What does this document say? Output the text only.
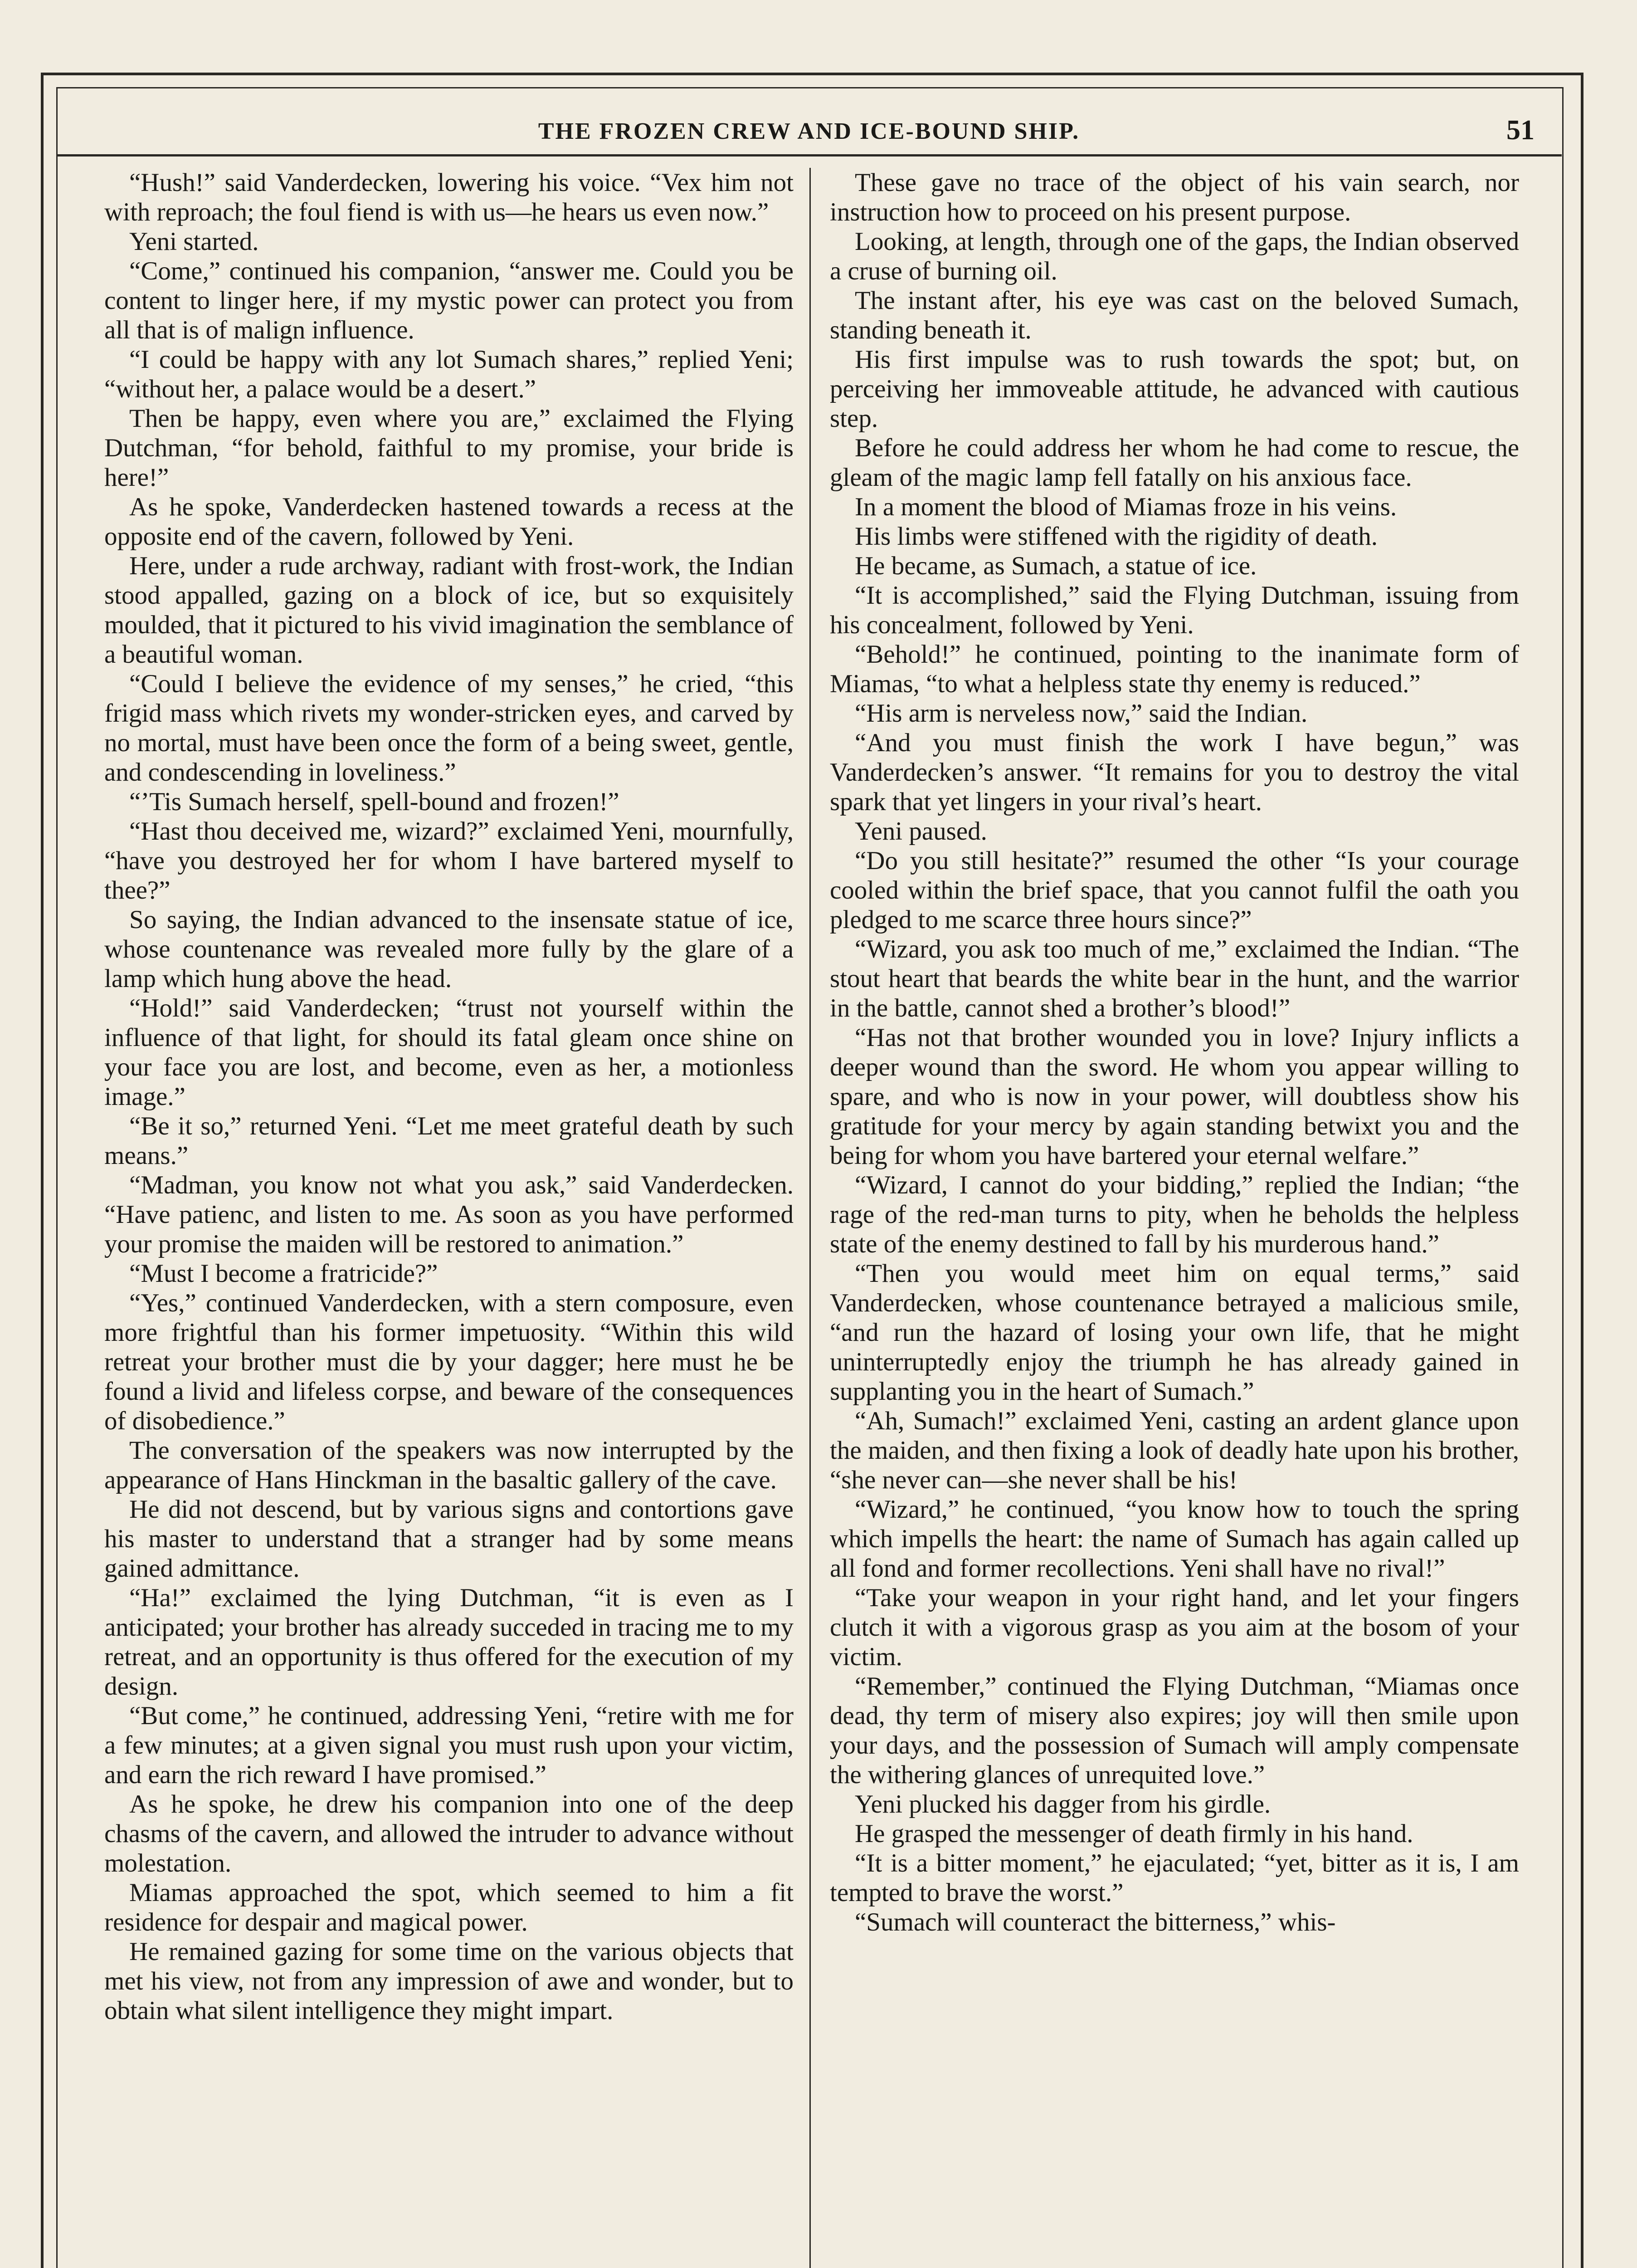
THE FROZEN CREW AND ICE-BOUND SHIP.	51

“Hush!” said Vanderdecken, lowering his voice. “Vex him not with reproach; the foul fiend is with us—he hears us even now.”

Yeni started.

“Come,” continued his companion, “answer me. Could you be content to linger here, if my mystic power can protect you from all that is of malign influence.

“I could be happy with any lot Sumach shares,” replied Yeni; “without her, a palace would be a desert.”

Then be happy, even where you are,” exclaimed the Flying Dutchman, “for behold, faithful to my promise, your bride is here!”

As he spoke, Vanderdecken hastened towards a recess at the opposite end of the cavern, followed by Yeni.

Here, under a rude archway, radiant with frost-work, the Indian stood appalled, gazing on a block of ice, but so exquisitely moulded, that it pictured to his vivid imagination the semblance of a beautiful woman.

“Could I believe the evidence of my senses,” he cried, “this frigid mass which rivets my wonder-stricken eyes, and carved by no mortal, must have been once the form of a being sweet, gentle, and condescending in loveliness.”

“’Tis Sumach herself, spell-bound and frozen!”

“Hast thou deceived me, wizard?” exclaimed Yeni, mournfully, “have you destroyed her for whom I have bartered myself to thee?”

So saying, the Indian advanced to the insensate statue of ice, whose countenance was revealed more fully by the glare of a lamp which hung above the head.

“Hold!” said Vanderdecken; “trust not yourself within the influence of that light, for should its fatal gleam once shine on your face you are lost, and become, even as her, a motionless image.”

“Be it so,” returned Yeni. “Let me meet grateful death by such means.”

“Madman, you know not what you ask,” said Vanderdecken. “Have patienc, and listen to me. As soon as you have performed your promise the maiden will be restored to animation.”

“Must I become a fratricide?”

“Yes,” continued Vanderdecken, with a stern composure, even more frightful than his former impetuosity. “Within this wild retreat your brother must die by your dagger; here must he be found a livid and lifeless corpse, and beware of the consequences of disobedience.”

The conversation of the speakers was now interrupted by the appearance of Hans Hinckman in the basaltic gallery of the cave.

He did not descend, but by various signs and contortions gave his master to understand that a stranger had by some means gained admittance.

“Ha!” exclaimed the lying Dutchman, “it is even as I anticipated; your brother has already succeded in tracing me to my retreat, and an opportunity is thus offered for the execution of my design.

“But come,” he continued, addressing Yeni, “retire with me for a few minutes; at a given signal you must rush upon your victim, and earn the rich reward I have promised.”

As he spoke, he drew his companion into one of the deep chasms of the cavern, and allowed the intruder to advance without molestation.

Miamas approached the spot, which seemed to him a fit residence for despair and magical power.

He remained gazing for some time on the various objects that met his view, not from any impression of awe and wonder, but to obtain what silent intelligence they might impart.

These gave no trace of the object of his vain search, nor instruction how to proceed on his present purpose.

Looking, at length, through one of the gaps, the Indian observed a cruse of burning oil.

The instant after, his eye was cast on the beloved Sumach, standing beneath it.

His first impulse was to rush towards the spot; but, on perceiving her immoveable attitude, he advanced with cautious step.

Before he could address her whom he had come to rescue, the gleam of the magic lamp fell fatally on his anxious face.

In a moment the blood of Miamas froze in his veins.

His limbs were stiffened with the rigidity of death.

He became, as Sumach, a statue of ice.

“It is accomplished,” said the Flying Dutchman, issuing from his concealment, followed by Yeni.

“Behold!” he continued, pointing to the inanimate form of Miamas, “to what a helpless state thy enemy is reduced.”

“His arm is nerveless now,” said the Indian.

“And you must finish the work I have begun,” was Vanderdecken’s answer. “It remains for you to destroy the vital spark that yet lingers in your rival’s heart.

Yeni paused.

“Do you still hesitate?” resumed the other “Is your courage cooled within the brief space, that you cannot fulfil the oath you pledged to me scarce three hours since?”

“Wizard, you ask too much of me,” exclaimed the Indian. “The stout heart that beards the white bear in the hunt, and the warrior in the battle, cannot shed a brother’s blood!”

“Has not that brother wounded you in love? Injury inflicts a deeper wound than the sword. He whom you appear willing to spare, and who is now in your power, will doubtless show his gratitude for your mercy by again standing betwixt you and the being for whom you have bartered your eternal welfare.”

“Wizard, I cannot do your bidding,” replied the Indian; “the rage of the red-man turns to pity, when he beholds the helpless state of the enemy destined to fall by his murderous hand.”

“Then you would meet him on equal terms,” said Vanderdecken, whose countenance betrayed a malicious smile, “and run the hazard of losing your own life, that he might uninterruptedly enjoy the triumph he has already gained in supplanting you in the heart of Sumach.”

“Ah, Sumach!” exclaimed Yeni, casting an ardent glance upon the maiden, and then fixing a look of deadly hate upon his brother, “she never can—she never shall be his!

“Wizard,” he continued, “you know how to touch the spring which impells the heart: the name of Sumach has again called up all fond and former recollections. Yeni shall have no rival!”

“Take your weapon in your right hand, and let your fingers clutch it with a vigorous grasp as you aim at the bosom of your victim.

“Remember,” continued the Flying Dutchman, “Miamas once dead, thy term of misery also expires; joy will then smile upon your days, and the possession of Sumach will amply compensate the withering glances of unrequited love.”

Yeni plucked his dagger from his girdle.

He grasped the messenger of death firmly in his hand.

“It is a bitter moment,” he ejaculated; “yet, bitter as it is, I am tempted to brave the worst.”

“Sumach will counteract the bitterness,” whis-
